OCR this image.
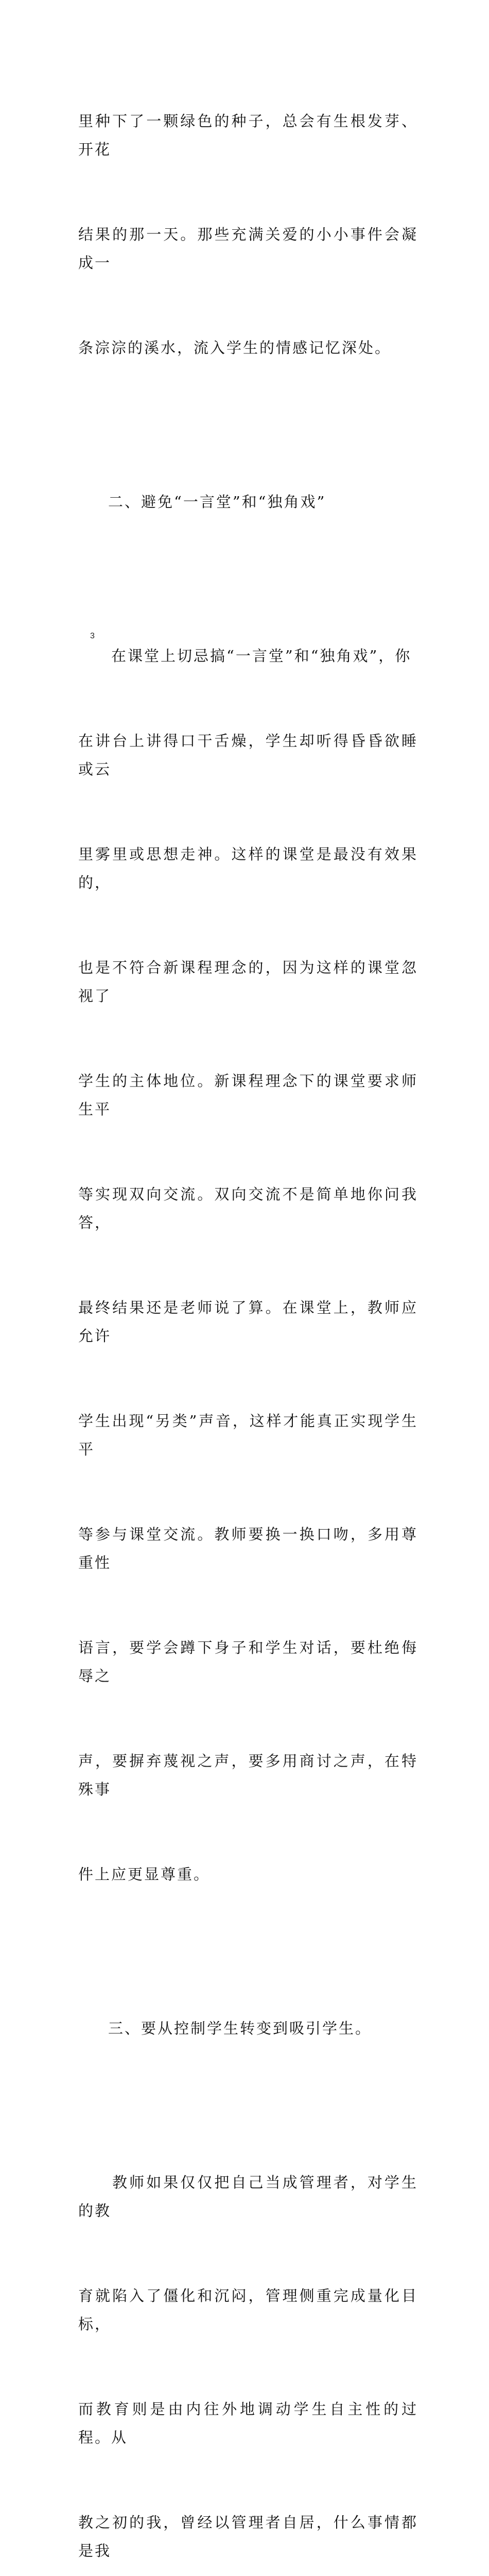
里种下了一颗绿色的种子，总会有生根发芽、开花

结果的那一天。那些充满关爱的小小事件会凝成一

条淙淙的溪水，流入学生的情感记忆深处。

二、避免“一言堂”和“独角戏”

　　在课堂上切忌搞“一言堂”和“独角戏”，你

在讲台上讲得口干舌燥，学生却听得昏昏欲睡或云

里雾里或思想走神。这样的课堂是最没有效果的，

也是不符合新课程理念的，因为这样的课堂忽视了

学生的主体地位。新课程理念下的课堂要求师生平

等实现双向交流。双向交流不是简单地你问我答，

最终结果还是老师说了算。在课堂上，教师应允许

学生出现“另类”声音，这样才能真正实现学生平

等参与课堂交流。教师要换一换口吻，多用尊重性

语言，要学会蹲下身子和学生对话，要杜绝侮辱之

声，要摒弃蔑视之声，要多用商讨之声，在特殊事

件上应更显尊重。

三、要从控制学生转变到吸引学生。

　　教师如果仅仅把自己当成管理者，对学生的教

育就陷入了僵化和沉闷，管理侧重完成量化目标，

而教育则是由内往外地调动学生自主性的过程。从

教之初的我，曾经以管理者自居，什么事情都是我

3
